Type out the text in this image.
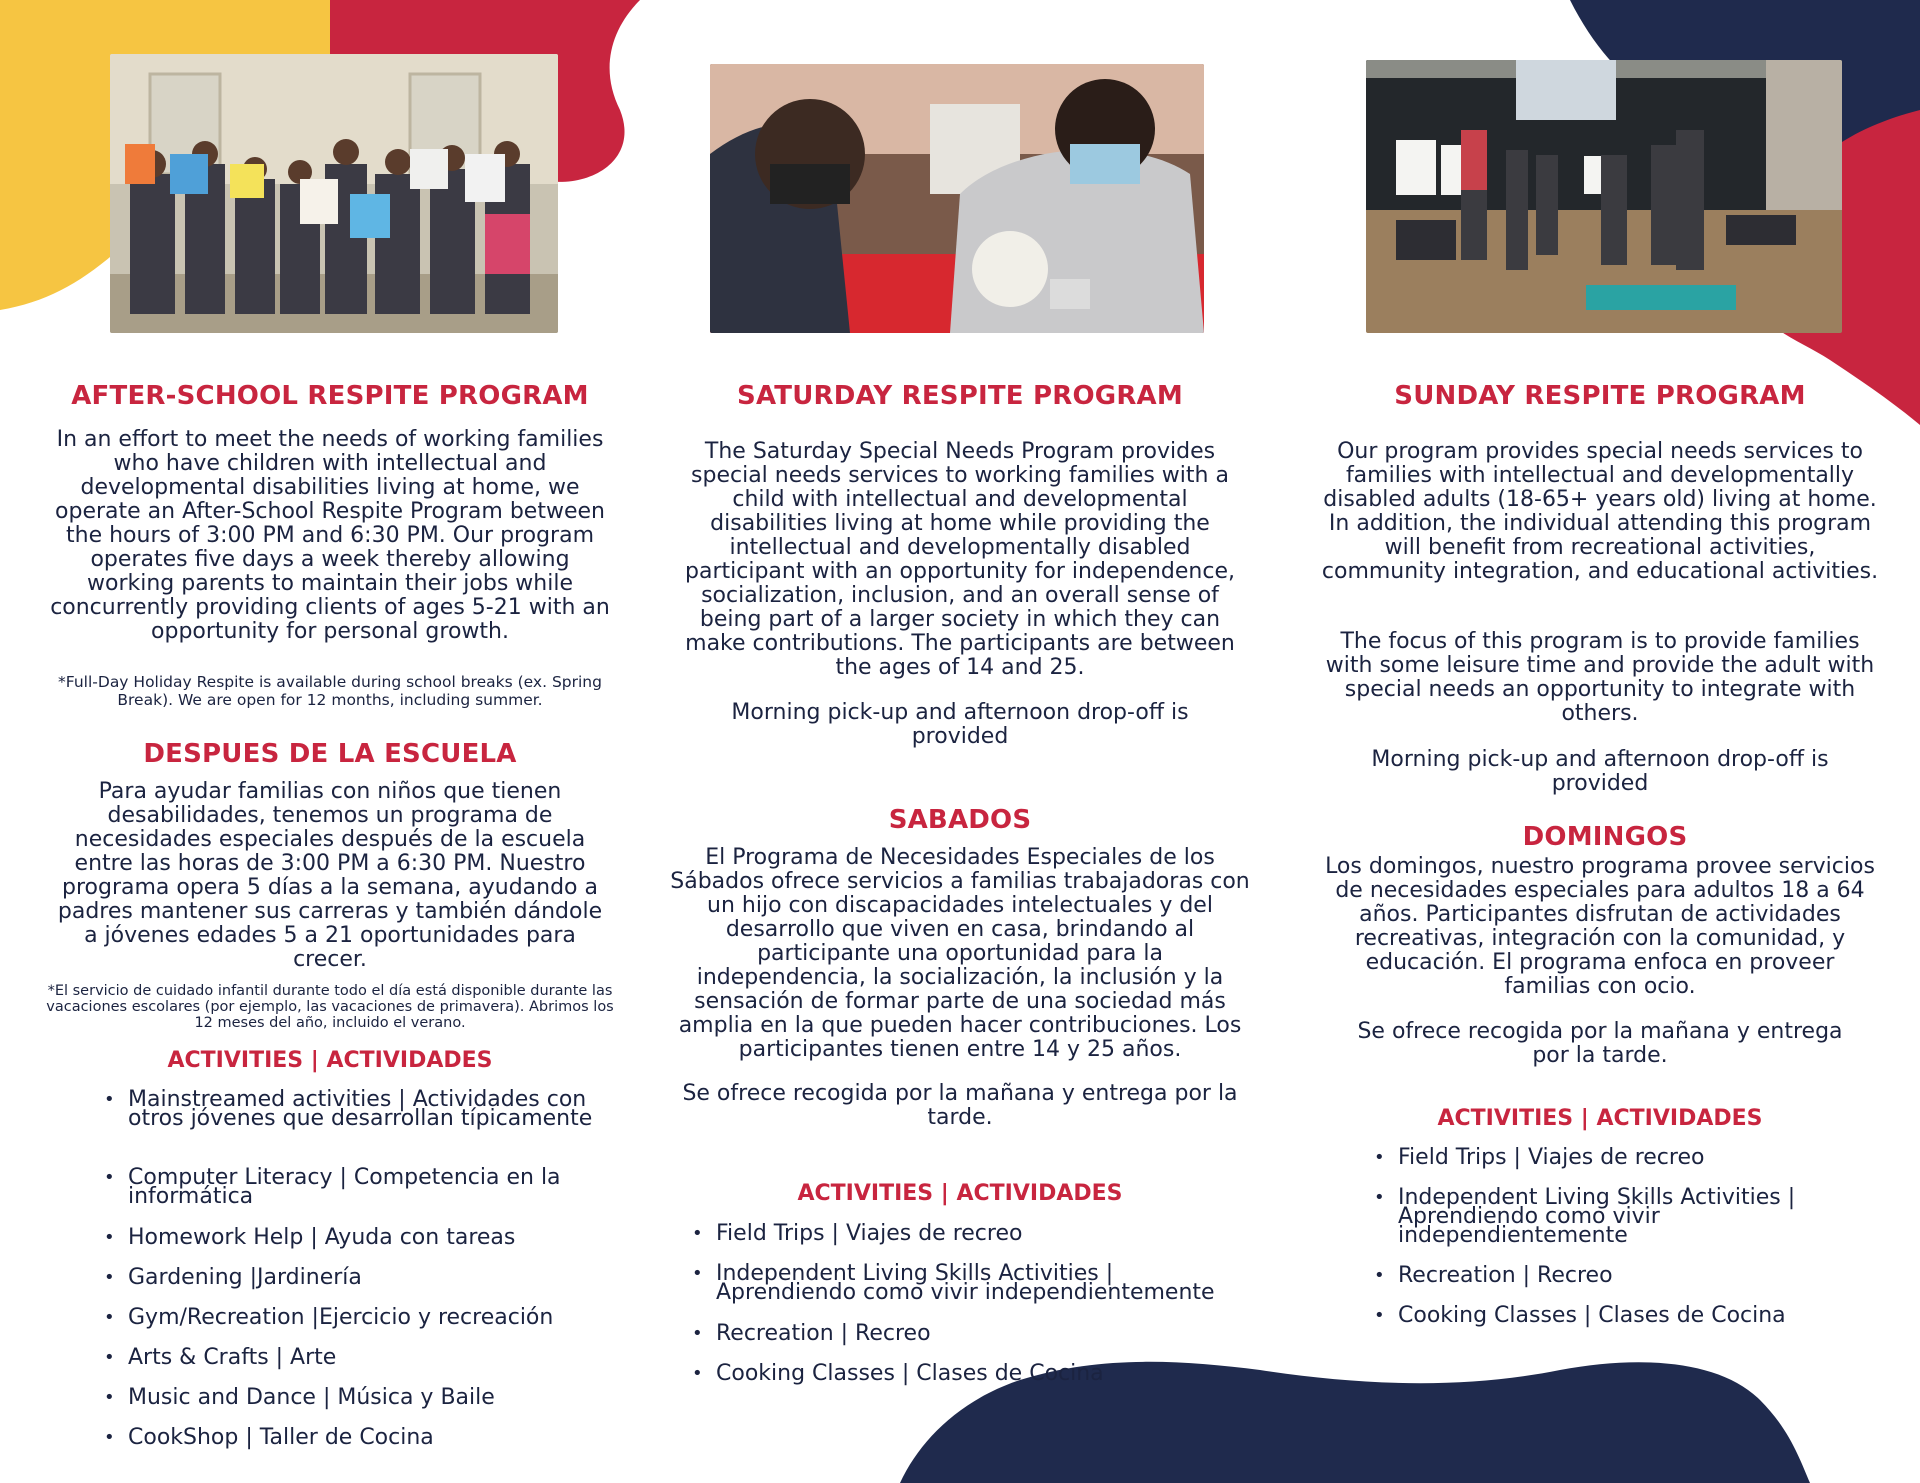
AFTER-SCHOOL RESPITE PROGRAM

In an effort to meet the needs of working families who have children with intellectual and developmental disabilities living at home, we operate an After-School Respite Program between the hours of 3:00 PM and 6:30 PM. Our program operates five days a week thereby allowing working parents to maintain their jobs while concurrently providing clients of ages 5-21 with an opportunity for personal growth.

*Full-Day Holiday Respite is available during school breaks (ex. Spring Break). We are open for 12 months, including summer.

DESPUES DE LA ESCUELA

Para ayudar familias con niños que tienen desabilidades, tenemos un programa de necesidades especiales después de la escuela entre las horas de 3:00 PM a 6:30 PM. Nuestro programa opera 5 días a la semana, ayudando a padres mantener sus carreras y también dándole a jóvenes edades 5 a 21 oportunidades para crecer.

*El servicio de cuidado infantil durante todo el día está disponible durante las vacaciones escolares (por ejemplo, las vacaciones de primavera). Abrimos los 12 meses del año, incluido el verano.

ACTIVITIES | ACTIVIDADES
• Mainstreamed activities | Actividades con otros jóvenes que desarrollan típicamente
• Computer Literacy | Competencia en la informática
• Homework Help | Ayuda con tareas
• Gardening |Jardinería
• Gym/Recreation |Ejercicio y recreación
• Arts & Crafts | Arte
• Music and Dance | Música y Baile
• CookShop | Taller de Cocina
SATURDAY RESPITE PROGRAM

The Saturday Special Needs Program provides special needs services to working families with a child with intellectual and developmental disabilities living at home while providing the intellectual and developmentally disabled participant with an opportunity for independence, socialization, inclusion, and an overall sense of being part of a larger society in which they can make contributions. The participants are between the ages of 14 and 25.

Morning pick-up and afternoon drop-off is provided

SABADOS

El Programa de Necesidades Especiales de los Sábados ofrece servicios a familias trabajadoras con un hijo con discapacidades intelectuales y del desarrollo que viven en casa, brindando al participante una oportunidad para la independencia, la socialización, la inclusión y la sensación de formar parte de una sociedad más amplia en la que pueden hacer contribuciones. Los participantes tienen entre 14 y 25 años.

Se ofrece recogida por la mañana y entrega por la tarde.

ACTIVITIES | ACTIVIDADES
• Field Trips | Viajes de recreo
• Independent Living Skills Activities | Aprendiendo como vivir independientemente
• Recreation | Recreo
• Cooking Classes | Clases de Cocina
SUNDAY RESPITE PROGRAM

Our program provides special needs services to families with intellectual and developmentally disabled adults (18-65+ years old) living at home. In addition, the individual attending this program will benefit from recreational activities, community integration, and educational activities.

The focus of this program is to provide families with some leisure time and provide the adult with special needs an opportunity to integrate with others.

Morning pick-up and afternoon drop-off is provided

DOMINGOS

Los domingos, nuestro programa provee servicios de necesidades especiales para adultos 18 a 64 años. Participantes disfrutan de actividades recreativas, integración con la comunidad, y educación. El programa enfoca en proveer familias con ocio.

Se ofrece recogida por la mañana y entrega por la tarde.

ACTIVITIES | ACTIVIDADES
• Field Trips | Viajes de recreo
• Independent Living Skills Activities | Aprendiendo como vivir independientemente
• Recreation | Recreo
• Cooking Classes | Clases de Cocina
